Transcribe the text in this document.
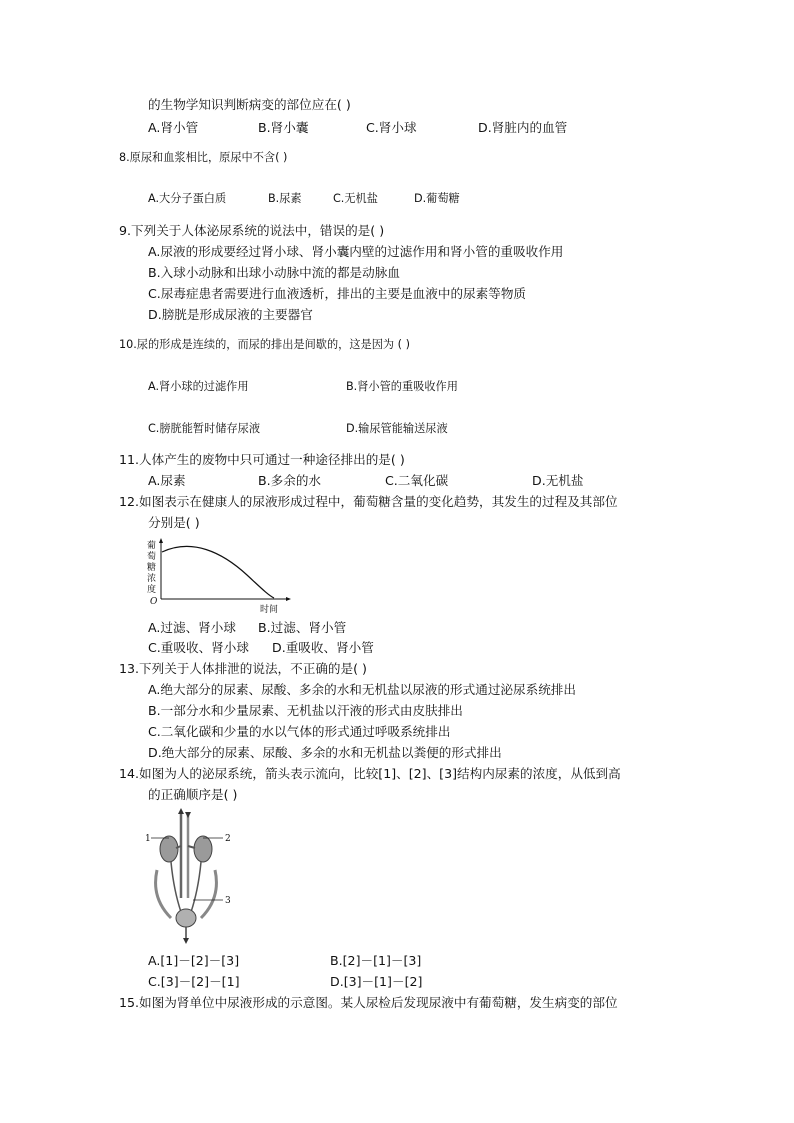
的生物学知识判断病变的部位应在( )
A.肾小管	B.肾小囊	C.肾小球	D.肾脏内的血管
8.原尿和血浆相比，原尿中不含( )
A.大分子蛋白质	B.尿素	C.无机盐	D.葡萄糖
9.下列关于人体泌尿系统的说法中，错误的是( )
A.尿液的形成要经过肾小球、肾小囊内壁的过滤作用和肾小管的重吸收作用
B.入球小动脉和出球小动脉中流的都是动脉血
C.尿毒症患者需要进行血液透析，排出的主要是血液中的尿素等物质
D.膀胱是形成尿液的主要器官
10.尿的形成是连续的，而尿的排出是间歇的，这是因为 ( )
A.肾小球的过滤作用	B.肾小管的重吸收作用
C.膀胱能暂时储存尿液	D.输尿管能输送尿液
11.人体产生的废物中只可通过一种途径排出的是( )
A.尿素	B.多余的水	C.二氧化碳	D.无机盐
12.如图表示在健康人的尿液形成过程中，葡萄糖含量的变化趋势，其发生的过程及其部位
分别是( )
葡
萄
糖
浓
度
O
时间
A.过滤、肾小球 B.过滤、肾小管
C.重吸收、肾小球 D.重吸收、肾小管
13.下列关于人体排泄的说法，不正确的是( )
A.绝大部分的尿素、尿酸、多余的水和无机盐以尿液的形式通过泌尿系统排出
B.一部分水和少量尿素、无机盐以汗液的形式由皮肤排出
C.二氧化碳和少量的水以气体的形式通过呼吸系统排出
D.绝大部分的尿素、尿酸、多余的水和无机盐以粪便的形式排出
14.如图为人的泌尿系统，箭头表示流向，比较[1]、[2]、[3]结构内尿素的浓度，从低到高
的正确顺序是( )
1	2
3
A.[1]－[2]－[3]	B.[2]－[1]－[3]
C.[3]－[2]－[1]	D.[3]－[1]－[2]
15.如图为肾单位中尿液形成的示意图。某人尿检后发现尿液中有葡萄糖，发生病变的部位
